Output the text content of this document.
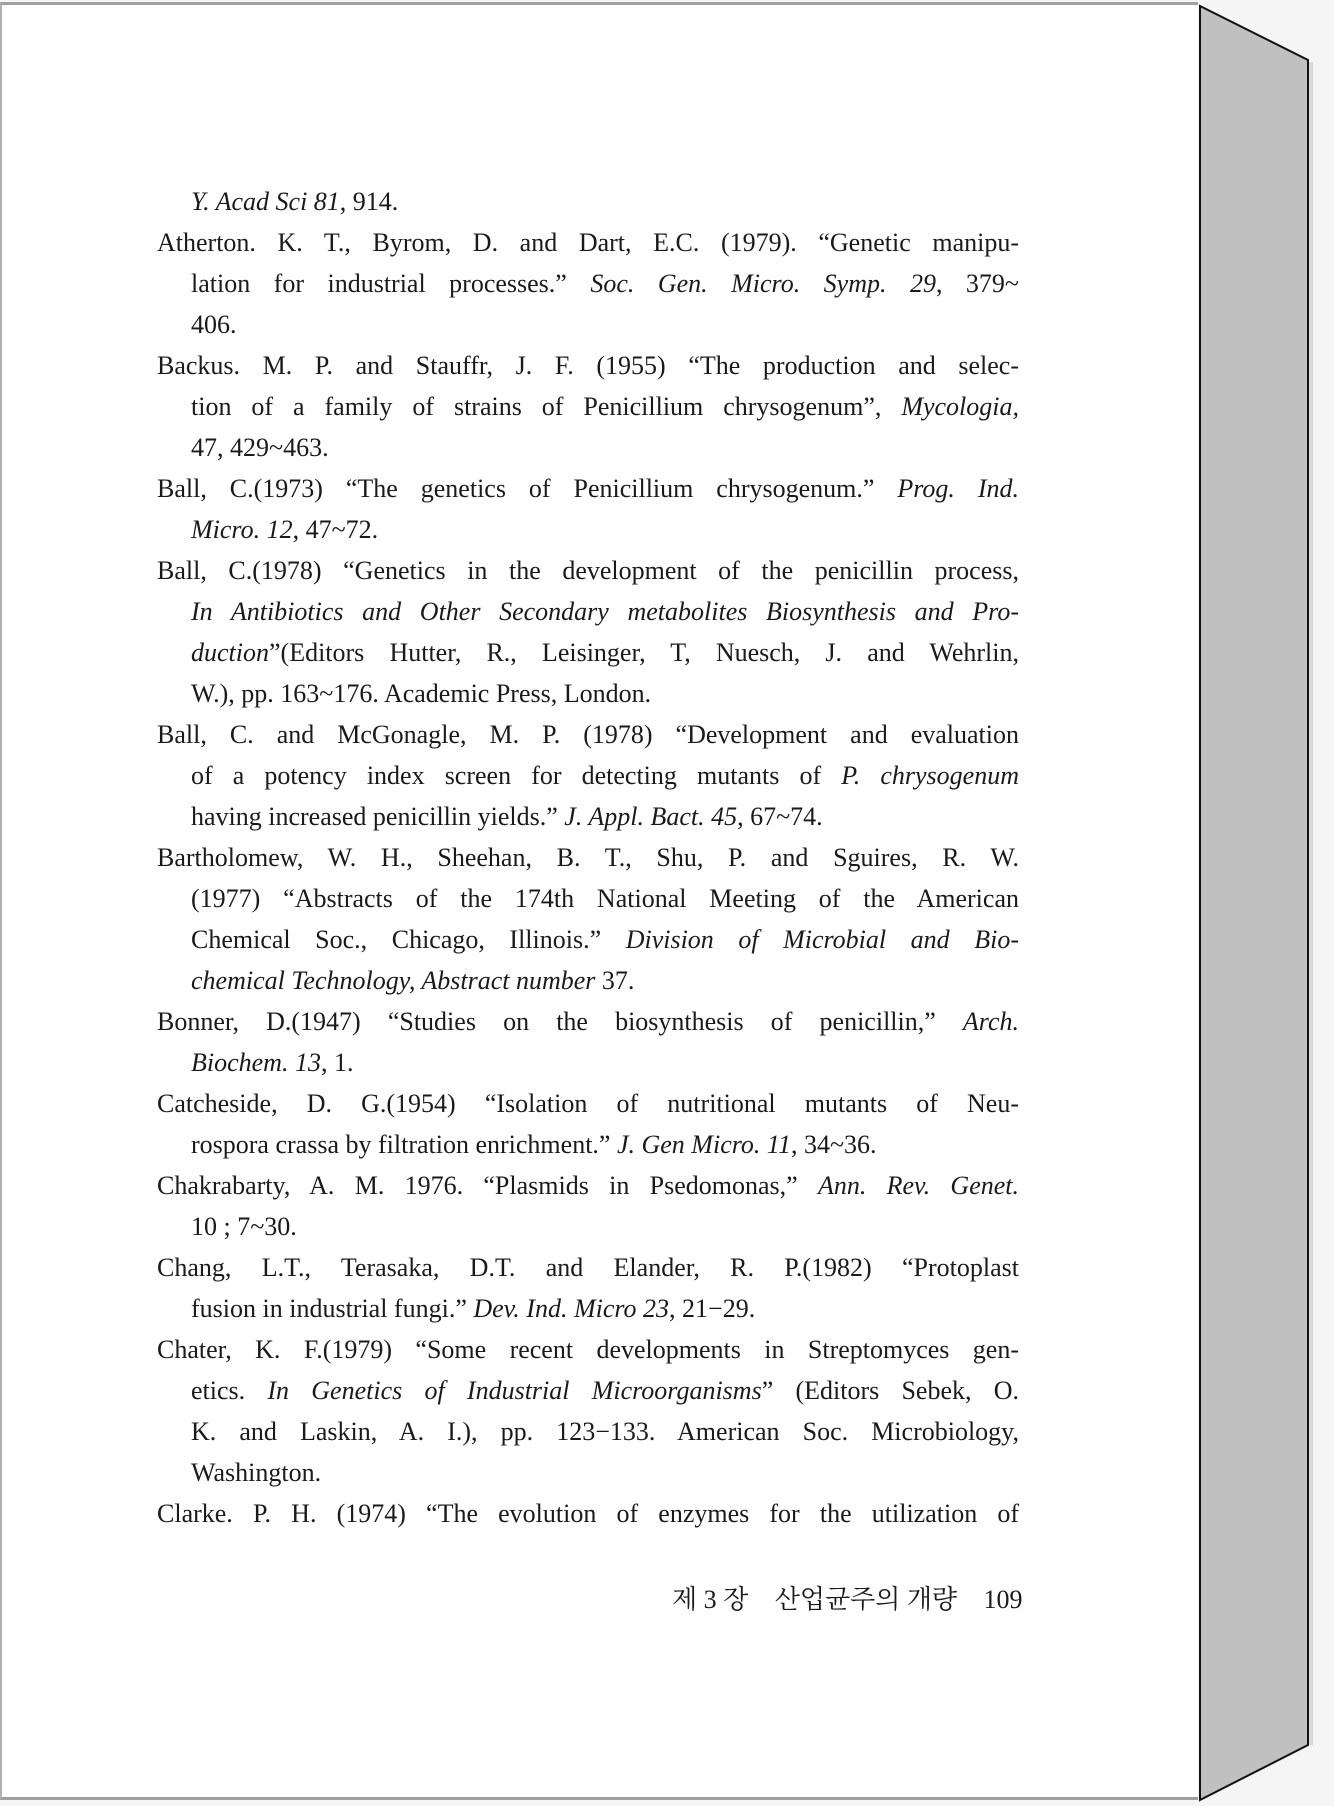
Y. Acad Sci 81, 914.
Atherton. K. T., Byrom, D. and Dart, E.C. (1979). “Genetic manipu-
lation for industrial processes.” Soc. Gen. Micro. Symp. 29, 379~
406.
Backus. M. P. and Stauffr, J. F. (1955) “The production and selec-
tion of a family of strains of Penicillium chrysogenum”, Mycologia,
47, 429~463.
Ball, C.(1973) “The genetics of Penicillium chrysogenum.” Prog. Ind.
Micro. 12, 47~72.
Ball, C.(1978) “Genetics in the development of the penicillin process,
In Antibiotics and Other Secondary metabolites Biosynthesis and Pro-
duction”(Editors Hutter, R., Leisinger, T, Nuesch, J. and Wehrlin,
W.), pp. 163~176. Academic Press, London.
Ball, C. and McGonagle, M. P. (1978) “Development and evaluation
of a potency index screen for detecting mutants of P. chrysogenum
having increased penicillin yields.” J. Appl. Bact. 45, 67~74.
Bartholomew, W. H., Sheehan, B. T., Shu, P. and Sguires, R. W.
(1977) “Abstracts of the 174th National Meeting of the American
Chemical Soc., Chicago, Illinois.” Division of Microbial and Bio-
chemical Technology, Abstract number 37.
Bonner, D.(1947) “Studies on the biosynthesis of penicillin,” Arch.
Biochem. 13, 1.
Catcheside, D. G.(1954) “Isolation of nutritional mutants of Neu-
rospora crassa by filtration enrichment.” J. Gen Micro. 11, 34~36.
Chakrabarty, A. M. 1976. “Plasmids in Psedomonas,” Ann. Rev. Genet.
10 ; 7~30.
Chang, L.T., Terasaka, D.T. and Elander, R. P.(1982) “Protoplast
fusion in industrial fungi.” Dev. Ind. Micro 23, 21−29.
Chater, K. F.(1979) “Some recent developments in Streptomyces gen-
etics. In Genetics of Industrial Microorganisms” (Editors Sebek, O.
K. and Laskin, A. I.), pp. 123−133. American Soc. Microbiology,
Washington.
Clarke. P. H. (1974) “The evolution of enzymes for the utilization of
제 3 장 산업균주의 개량 109
